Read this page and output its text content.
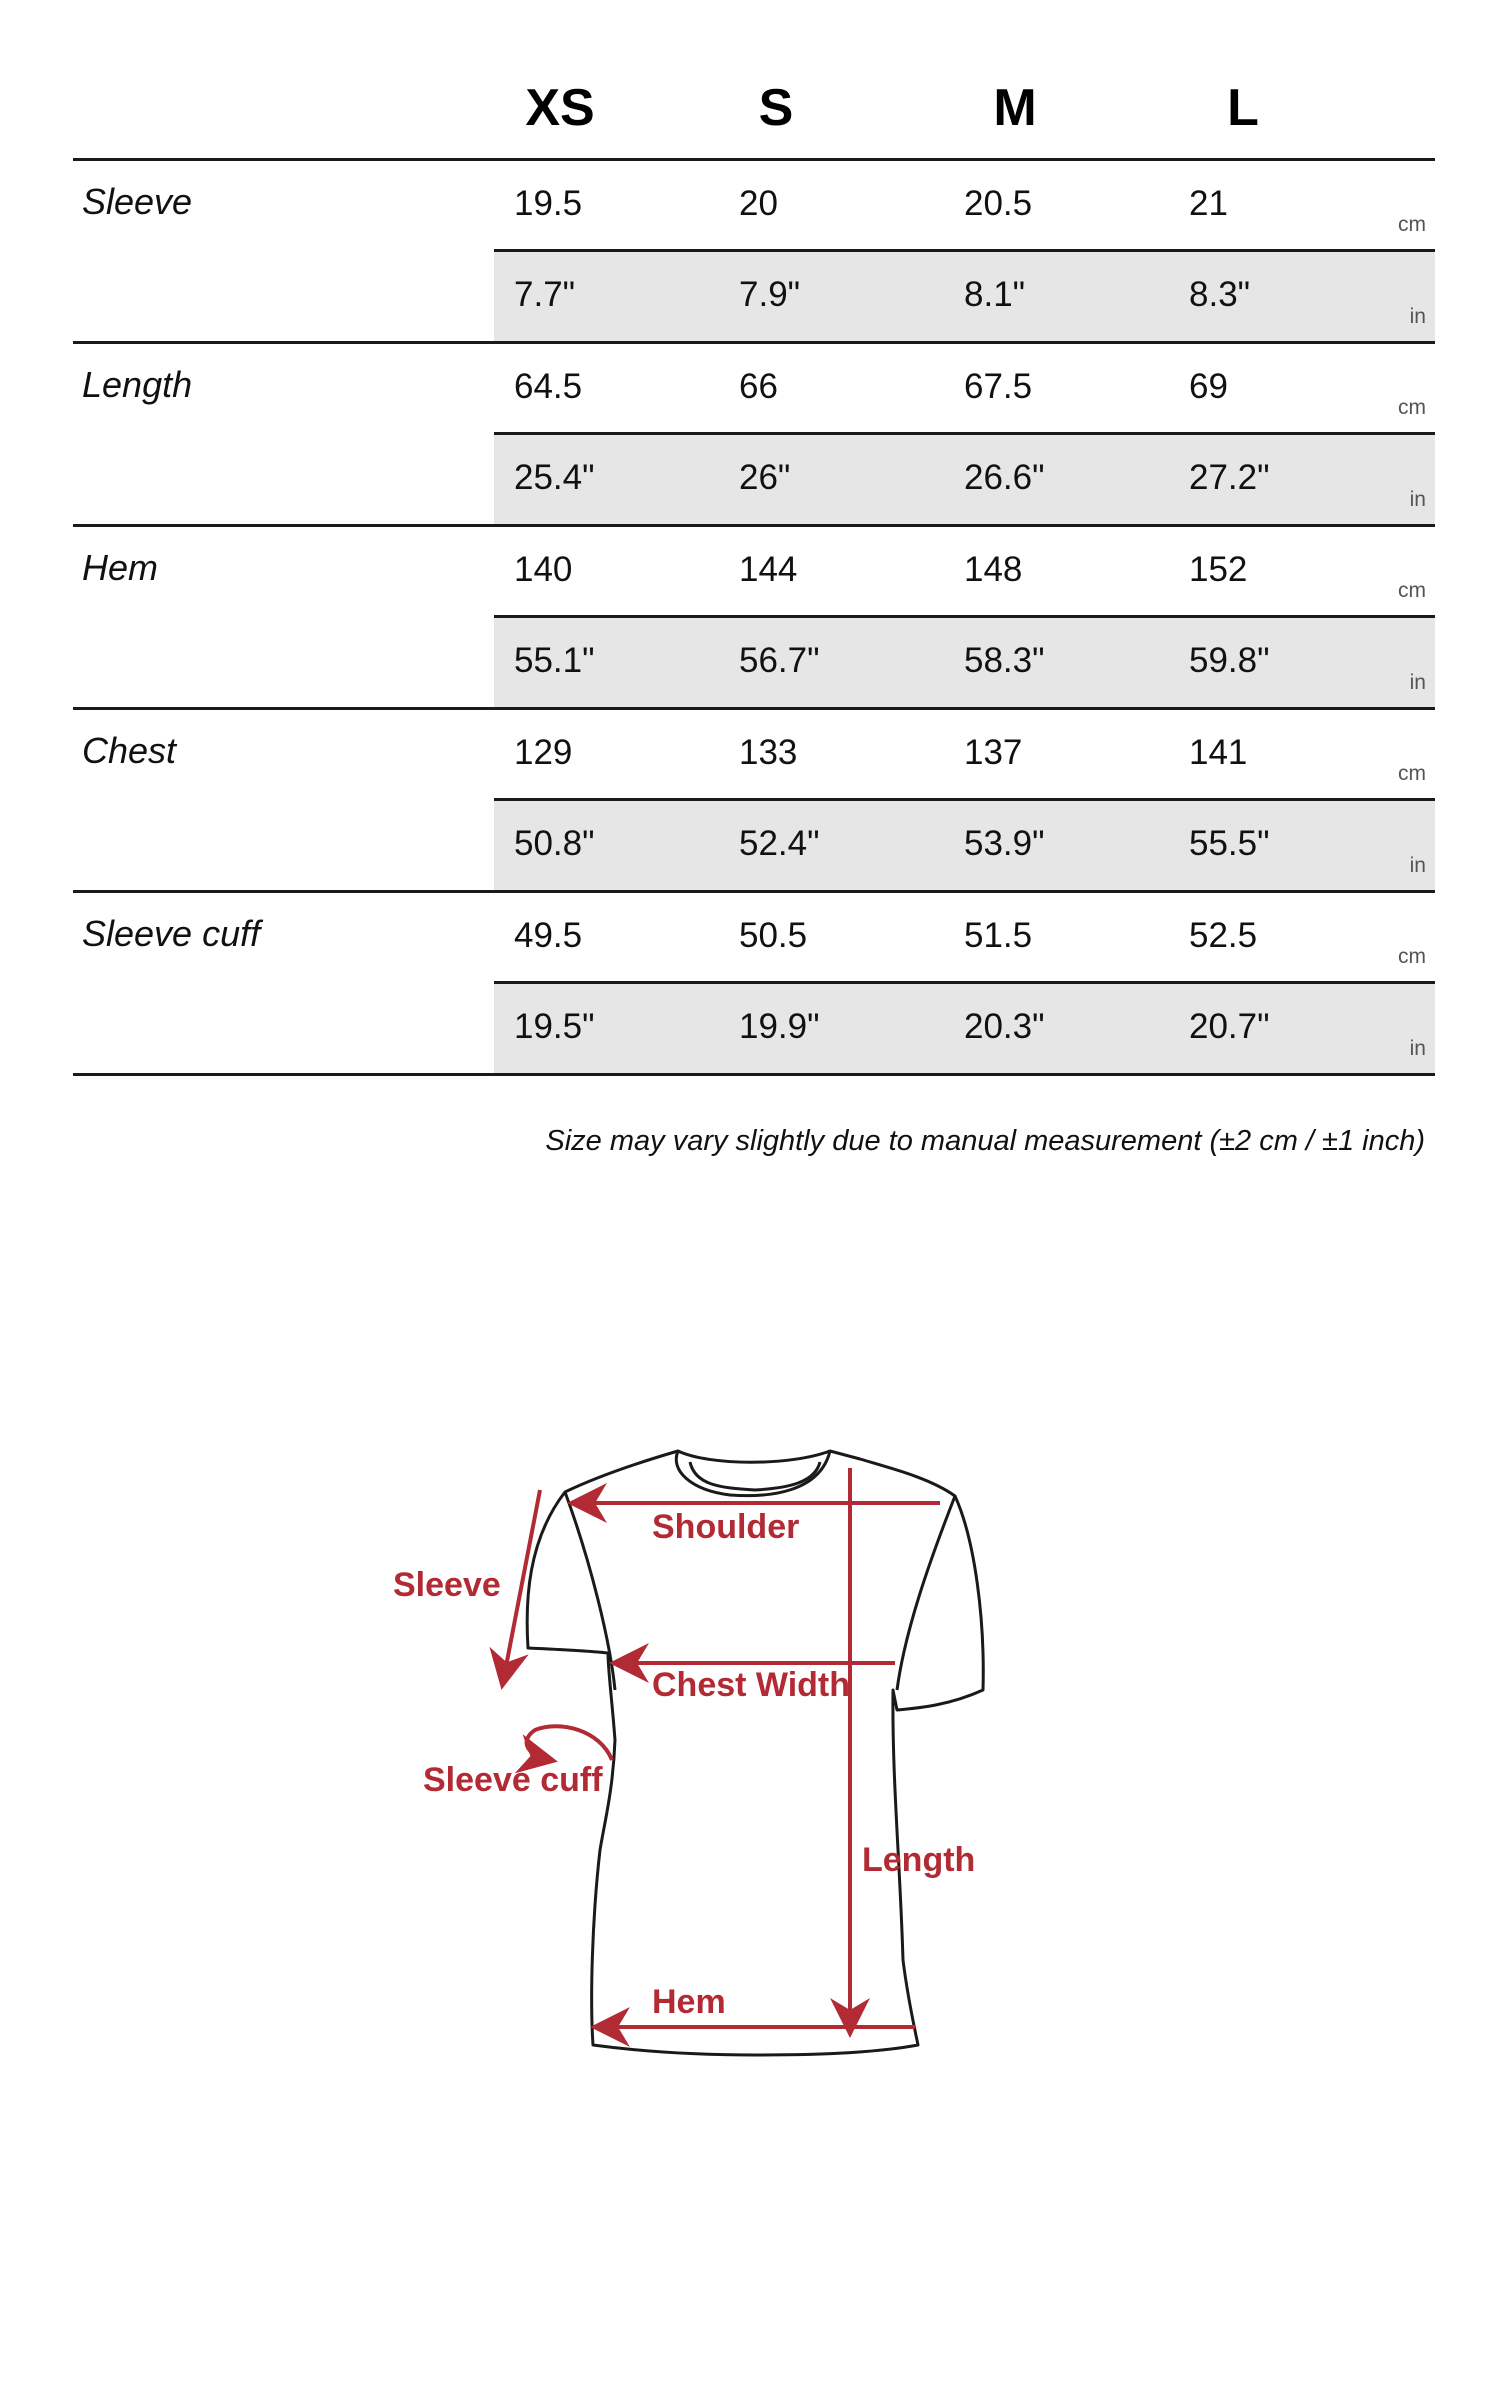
XS	S	M	L
Sleeve	19.5	20	20.5	21
cm
7.7"	7.9"	8.1"	8.3"
in
Length	64.5	66	67.5	69
cm
25.4"	26"	26.6"	27.2"
in
Hem	140	144	148	152
cm
55.1"	56.7"	58.3"	59.8"
in
Chest	129	133	137	141
cm
50.8"	52.4"	53.9"	55.5"
in
Sleeve cuff	49.5	50.5	51.5	52.5
cm
19.5"	19.9"	20.3"	20.7"
in
Size may vary slightly due to manual measurement (±2 cm / ±1 inch)
Shoulder
Sleeve
Chest Width
Sleeve cuff
Length
Hem
